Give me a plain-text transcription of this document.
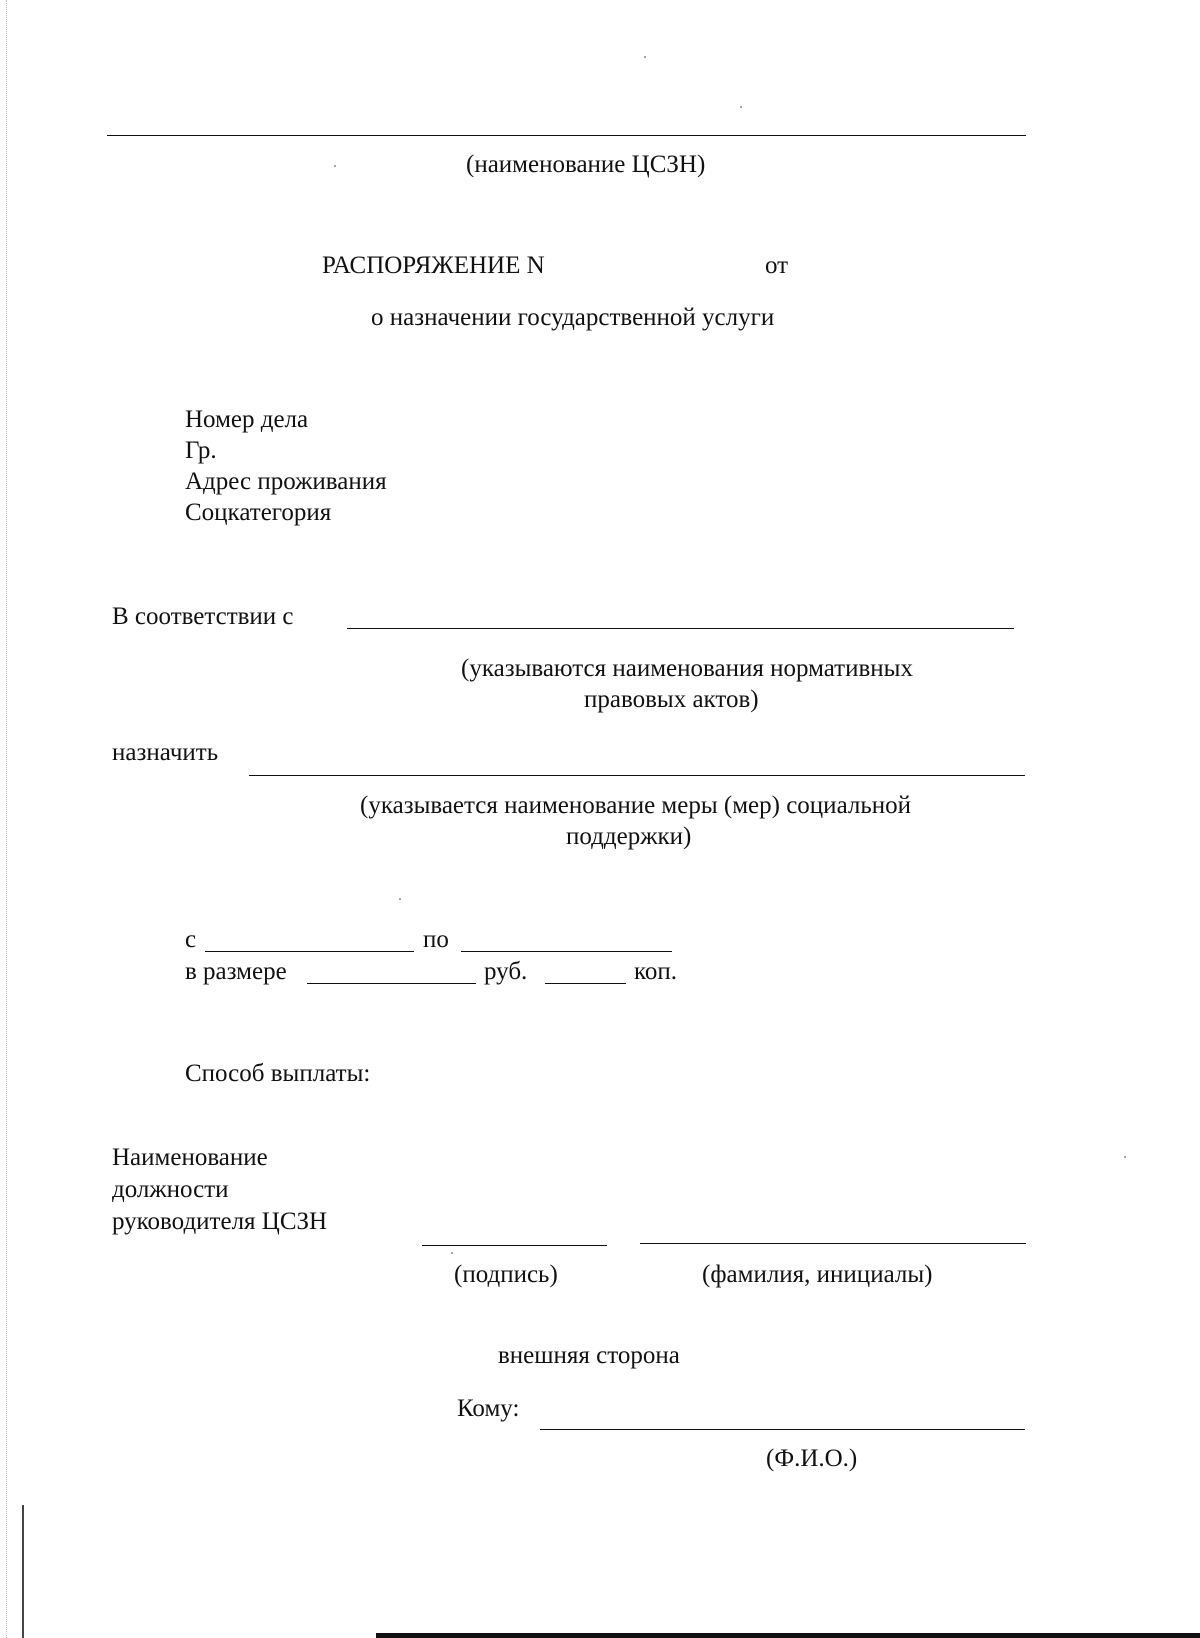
(наименование ЦСЗН)
РАСПОРЯЖЕНИЕ N	от
о назначении государственной услуги
Номер дела
Гр.
Адрес проживания
Соцкатегория
В соответствии с
(указываются наименования нормативных
правовых актов)
назначить
(указывается наименование меры (мер) социальной
поддержки)
с	по
в размере	руб.	коп.
Способ выплаты:
Наименование
должности
руководителя ЦСЗН
(подпись)	(фамилия, инициалы)
внешняя сторона
Кому:
(Ф.И.О.)
